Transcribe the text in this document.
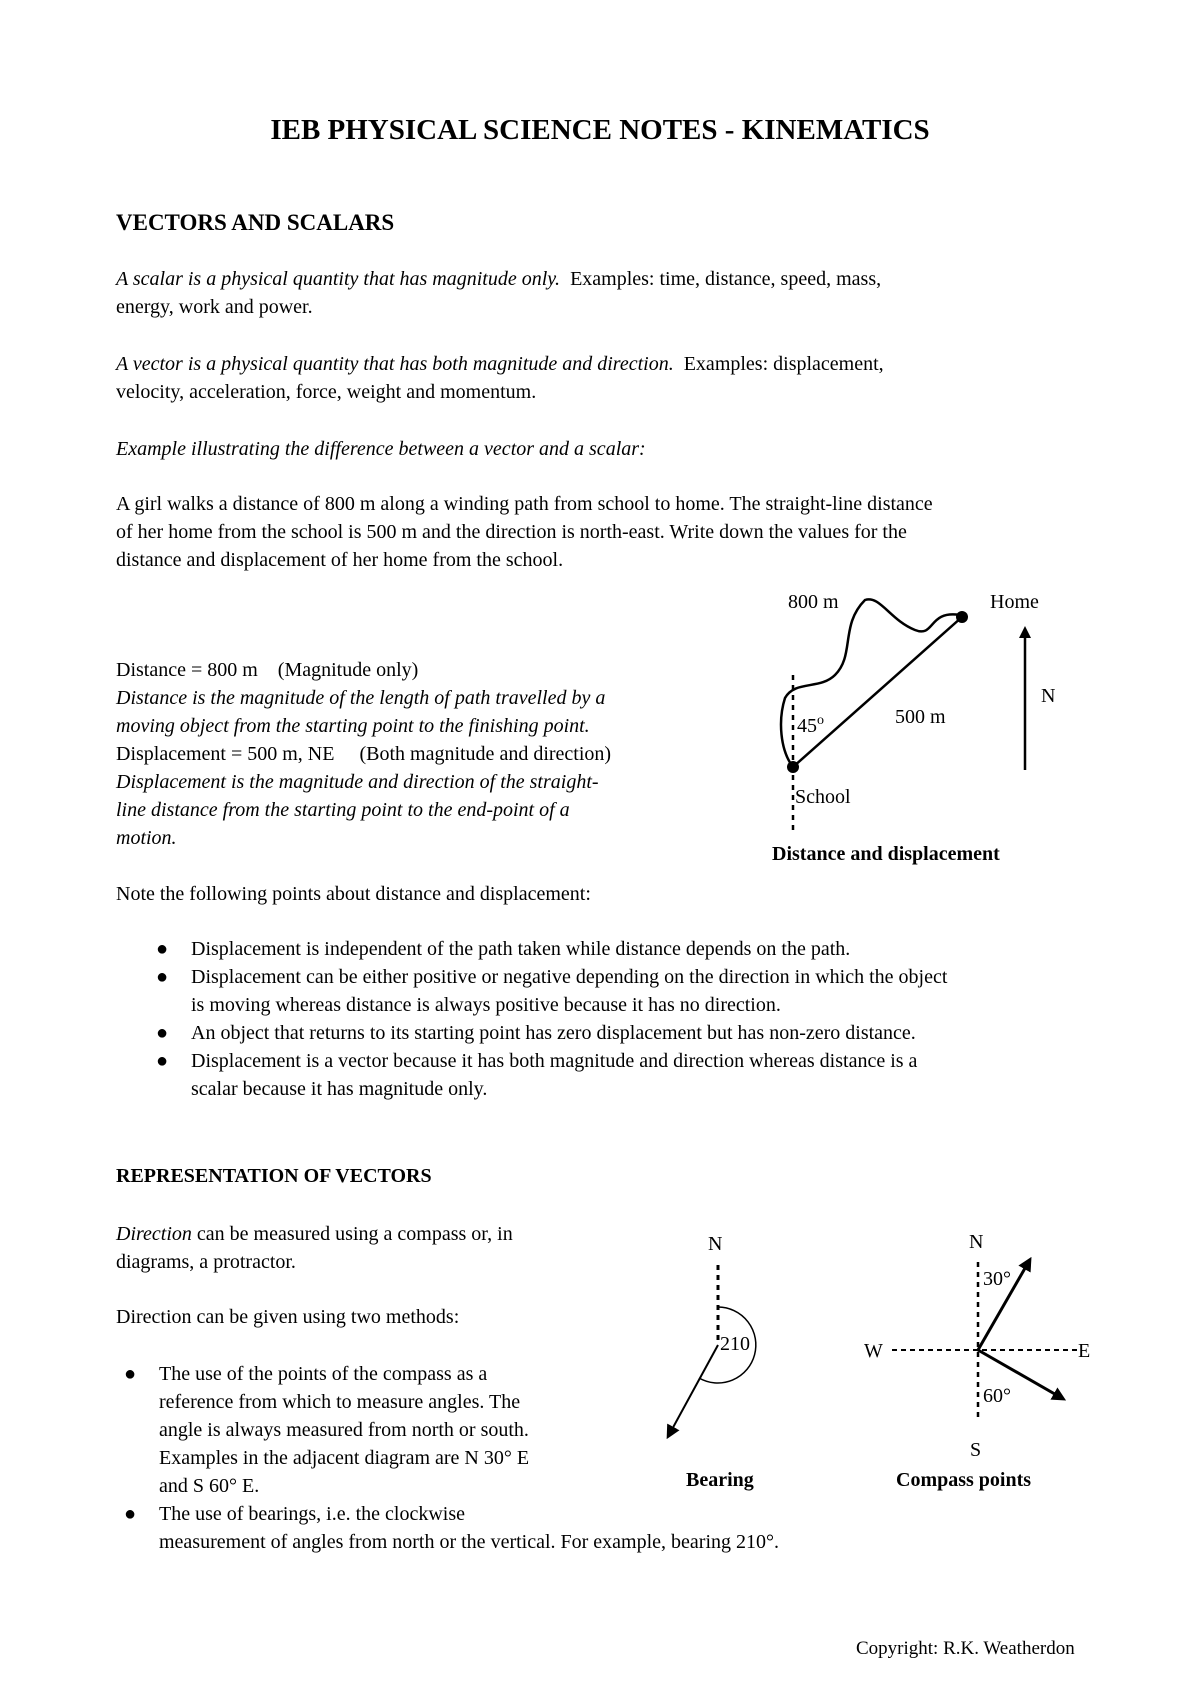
IEB PHYSICAL SCIENCE NOTES - KINEMATICS
VECTORS AND SCALARS
A scalar is a physical quantity that has magnitude only. Examples: time, distance, speed, mass,
energy, work and power.
A vector is a physical quantity that has both magnitude and direction. Examples: displacement,
velocity, acceleration, force, weight and momentum.
Example illustrating the difference between a vector and a scalar:
A girl walks a distance of 800 m along a winding path from school to home. The straight-line distance
of her home from the school is 500 m and the direction is north-east. Write down the values for the
distance and displacement of her home from the school.

Distance = 800 m    (Magnitude only)

Displacement = 500 m, NE     (Both magnitude and direction)

Distance is the magnitude of the length of path travelled by a
moving object from the starting point to the finishing point.
Displacement is the magnitude and direction of the straight-
line distance from the starting point to the end-point of a
motion.
Note the following points about distance and displacement:
● Displacement is independent of the path taken while distance depends on the path.
● Displacement can be either positive or negative depending on the direction in which the object
is moving whereas distance is always positive because it has no direction.
● An object that returns to its starting point has zero displacement but has non-zero distance.
● Displacement is a vector because it has both magnitude and direction whereas distance is a
scalar because it has magnitude only.
800 m	Home
N
45$^o$	500 m
School
Distance and displacement
REPRESENTATION OF VECTORS
Direction can be measured using a compass or, in
diagrams, a protractor.
Direction can be given using two methods:
● The use of the points of the compass as a
reference from which to measure angles. The
angle is always measured from north or south.
Examples in the adjacent diagram are N 30° E
and S 60° E.
● The use of bearings, i.e. the clockwise
measurement of angles from north or the vertical. For example, bearing 210°.
N
210
Bearing
N
S
W	E
30°
60°
Compass points
Copyright: R.K. Weatherdon
